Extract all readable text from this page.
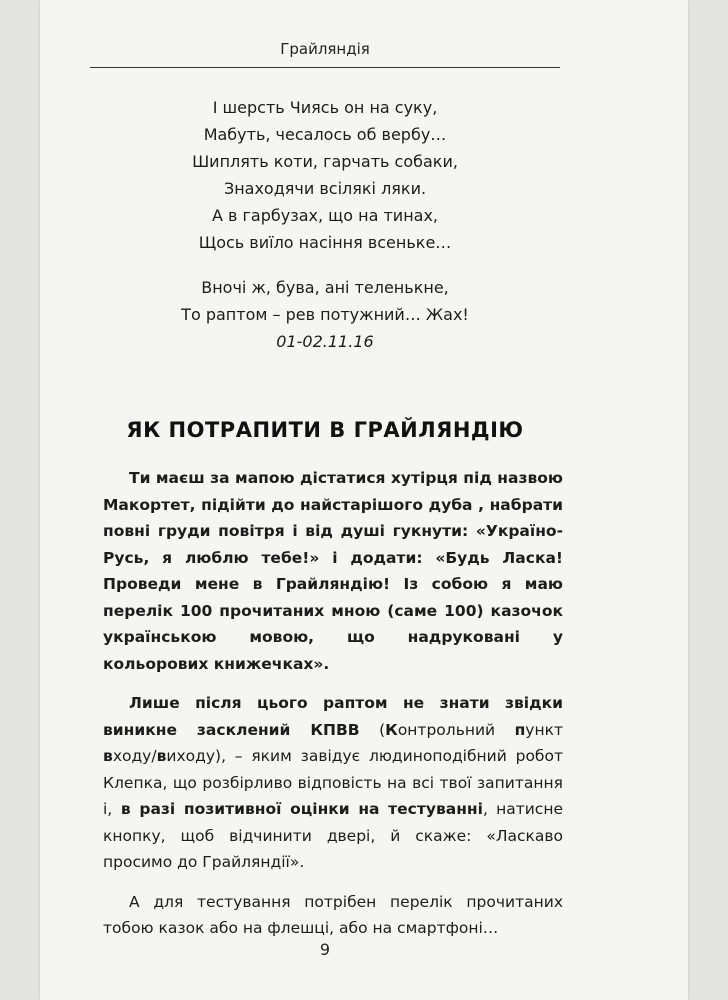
Грайляндія
І шерсть Чиясь он на суку,
Мабуть, чесалось об вербу…
Шиплять коти, гарчать собаки,
Знаходячи всілякі ляки.
А в гарбузах, що на тинах,
Щось виїло насіння всеньке…
Вночі ж, бува, ані теленькне,
То раптом – рев потужний… Жах!
01-02.11.16
ЯК ПОТРАПИТИ В ГРАЙЛЯНДІЮ

Ти маєш за мапою дістатися хутірця під назвою Макортет, підійти до найстарішого дуба , набрати повні груди повітря і від душі гукнути: «Україно-Русь, я люблю тебе!» і додати: «Будь Ласка! Проведи мене в Грайляндію! Із собою я маю перелік 100 прочитаних мною (саме 100) казочок українською мовою, що надруковані у кольорових книжечках».

Лише після цього раптом не знати звідки виникне засклений КПВВ (Контрольний пункт входу/виходу), – яким завідує людиноподібний робот Клепка, що розбірливо відповість на всі твої запитання і, в разі позитивної оцінки на тестуванні, натисне кнопку, щоб відчинити двері, й скаже: «Ласкаво просимо до Грайляндії».

А для тестування потрібен перелік прочитаних тобою казок або на флешці, або на смартфоні…

9
